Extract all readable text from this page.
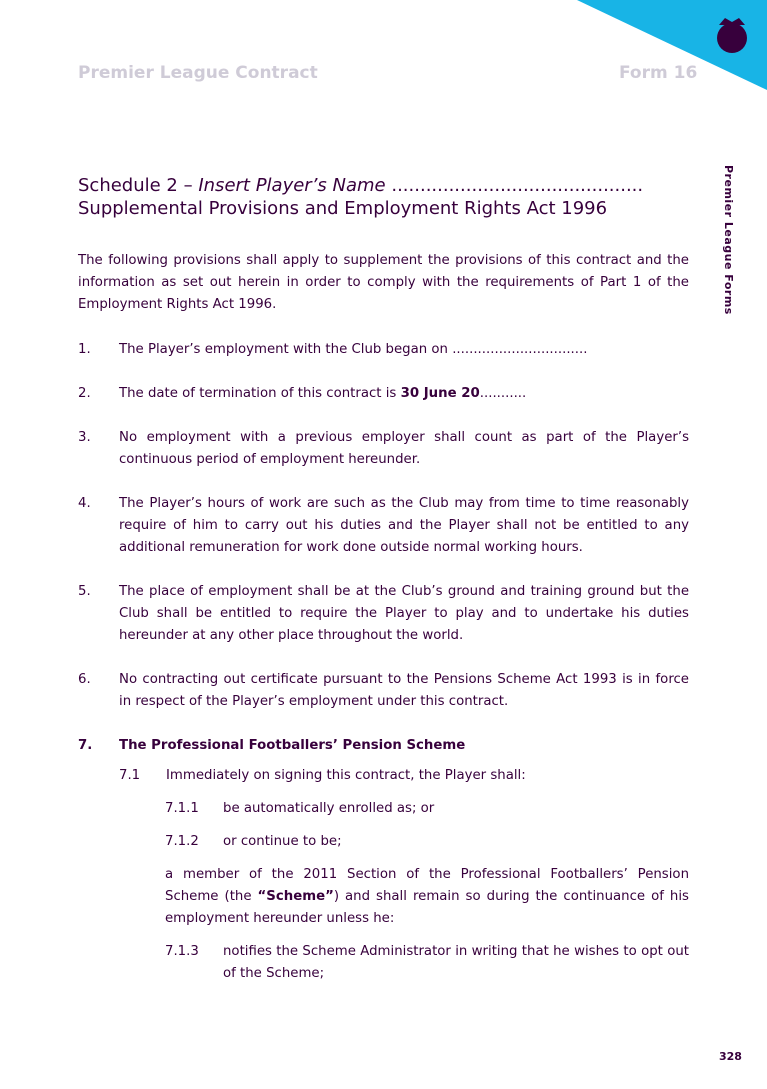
Premier League Contract	Form 16
Premier League Forms
Schedule 2 – Insert Player’s Name ............................................
Supplemental Provisions and Employment Rights Act 1996

The following provisions shall apply to supplement the provisions of this contract and the information as set out herein in order to comply with the requirements of Part 1 of the Employment Rights Act 1996.

1. The Player’s employment with the Club began on ................................
2. The date of termination of this contract is 30 June 20...........
3. No employment with a previous employer shall count as part of the Player’s continuous period of employment hereunder.
4. The Player’s hours of work are such as the Club may from time to time reasonably require of him to carry out his duties and the Player shall not be entitled to any additional remuneration for work done outside normal working hours.
5. The place of employment shall be at the Club’s ground and training ground but the Club shall be entitled to require the Player to play and to undertake his duties hereunder at any other place throughout the world.
6. No contracting out certificate pursuant to the Pensions Scheme Act 1993 is in force in respect of the Player’s employment under this contract.
7. The Professional Footballers’ Pension Scheme
7.1 Immediately on signing this contract, the Player shall:
7.1.1 be automatically enrolled as; or
7.1.2 or continue to be;
a member of the 2011 Section of the Professional Footballers’ Pension Scheme (the “Scheme”) and shall remain so during the continuance of his employment hereunder unless he:
7.1.3 notifies the Scheme Administrator in writing that he wishes to opt out of the Scheme;
328
